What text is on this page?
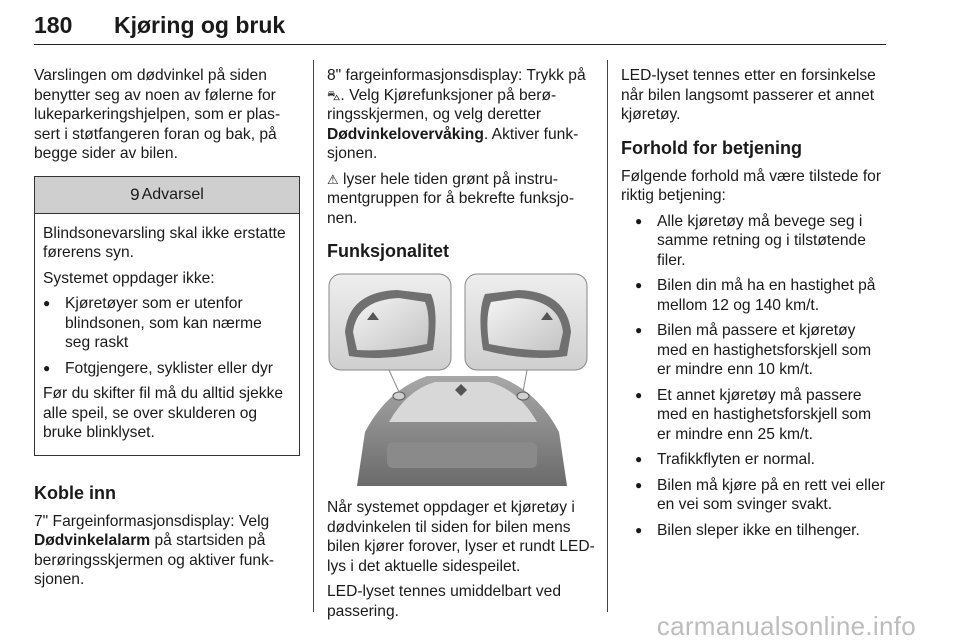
180 Kjøring og bruk

Varslingen om dødvinkel på siden benytter seg av noen av følerne for lukeparkeringshjelpen, som er plassert i støtfangeren foran og bak, på begge sider av bilen.

9 Advarsel

Blindsonevarsling skal ikke erstatte førerens syn.

Systemet oppdager ikke:

● Kjøretøyer som er utenfor blindsonen, som kan nærme seg raskt
● Fotgjengere, syklister eller dyr

Før du skifter fil må du alltid sjekke alle speil, se over skulderen og bruke blinklyset.

Koble inn

7" Fargeinformasjonsdisplay: Velg Dødvinkelalarm på startsiden på berøringsskjermen og aktiver funksjonen.

8" fargeinformasjonsdisplay: Trykk på ⛍. Velg Kjørefunksjoner på berøringsskjermen, og velg deretter Dødvinkelovervåking. Aktiver funksjonen.

⚠ lyser hele tiden grønt på instrumentgruppen for å bekrefte funksjonen.

Funksjonalitet

Når systemet oppdager et kjøretøy i dødvinkelen til siden for bilen mens bilen kjører forover, lyser et rundt LED-lys i det aktuelle sidespeilet.

LED-lyset tennes umiddelbart ved passering.

LED-lyset tennes etter en forsinkelse når bilen langsomt passerer et annet kjøretøy.

Forhold for betjening

Følgende forhold må være tilstede for riktig betjening:

● Alle kjøretøy må bevege seg i samme retning og i tilstøtende filer.
● Bilen din må ha en hastighet på mellom 12 og 140 km/t.
● Bilen må passere et kjøretøy med en hastighetsforskjell som er mindre enn 10 km/t.
● Et annet kjøretøy må passere med en hastighetsforskjell som er mindre enn 25 km/t.
● Trafikkflyten er normal.
● Bilen må kjøre på en rett vei eller en vei som svinger svakt.
● Bilen sleper ikke en tilhenger.
carmanualsonline.info
